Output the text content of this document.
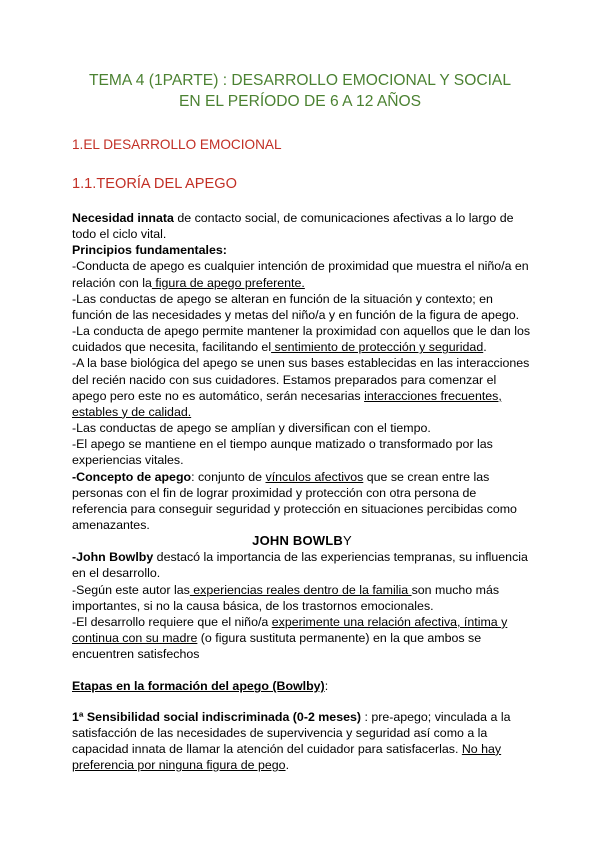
TEMA 4 (1PARTE) : DESARROLLO EMOCIONAL Y SOCIAL
EN EL PERÍODO DE 6 A 12 AÑOS
1.EL DESARROLLO EMOCIONAL
1.1.TEORÍA DEL APEGO

Necesidad innata de contacto social, de comunicaciones afectivas a lo largo de todo el ciclo vital.

Principios fundamentales:

-Conducta de apego es cualquier intención de proximidad que muestra el niño/a en relación con la figura de apego preferente.

-Las conductas de apego se alteran en función de la situación y contexto; en función de las necesidades y metas del niño/a y en función de la figura de apego.

-La conducta de apego permite mantener la proximidad con aquellos que le dan los cuidados que necesita, facilitando el sentimiento de protección y seguridad.

-A la base biológica del apego se unen sus bases establecidas en las interacciones del recién nacido con sus cuidadores. Estamos preparados para comenzar el apego pero este no es automático, serán necesarias interacciones frecuentes, estables y de calidad.

-Las conductas de apego se amplían y diversifican con el tiempo.

-El apego se mantiene en el tiempo aunque matizado o transformado por las experiencias vitales.

-Concepto de apego: conjunto de vínculos afectivos que se crean entre las personas con el fin de lograr proximidad y protección con otra persona de referencia para conseguir seguridad y protección en situaciones percibidas como amenazantes.

JOHN BOWLBY

-John Bowlby destacó la importancia de las experiencias tempranas, su influencia en el desarrollo.

-Según este autor las experiencias reales dentro de la familia son mucho más importantes, si no la causa básica, de los trastornos emocionales.

-El desarrollo requiere que el niño/a experimente una relación afectiva, íntima y continua con su madre (o figura sustituta permanente) en la que ambos se encuentren satisfechos

Etapas en la formación del apego (Bowlby):

1ª Sensibilidad social indiscriminada (0-2 meses) : pre-apego; vinculada a la satisfacción de las necesidades de supervivencia y seguridad así como a la capacidad innata de llamar la atención del cuidador para satisfacerlas. No hay preferencia por ninguna figura de pego.
